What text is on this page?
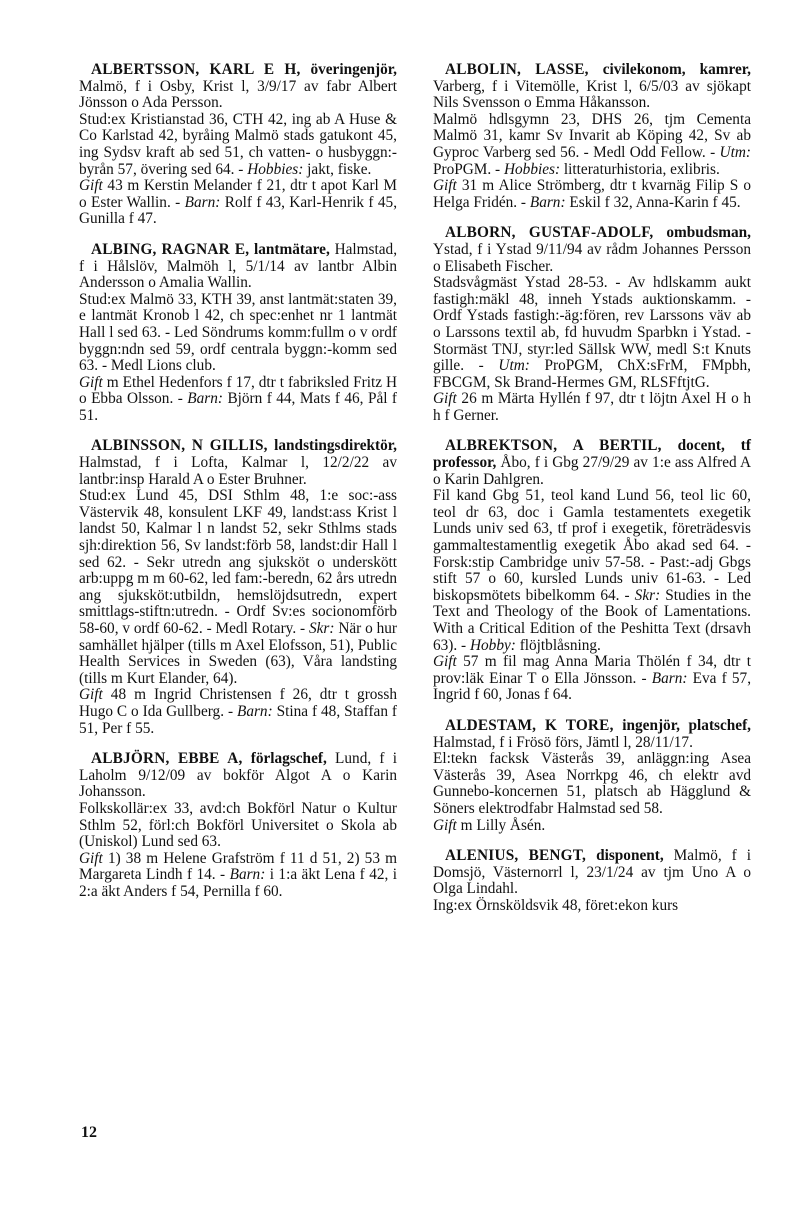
ALBERTSSON, KARL E H, överingenjör, Malmö, f i Osby, Krist l, 3/9/17 av fabr Albert Jönsson o Ada Persson.

Stud:ex Kristianstad 36, CTH 42, ing ab A Huse & Co Karlstad 42, byråing Malmö stads gatukont 45, ing Sydsv kraft ab sed 51, ch vatten- o husbyggn:-byrån 57, övering sed 64. - Hobbies: jakt, fiske.

Gift 43 m Kerstin Melander f 21, dtr t apot Karl M o Ester Wallin. - Barn: Rolf f 43, Karl-Henrik f 45, Gunilla f 47.

ALBING, RAGNAR E, lantmätare, Halmstad, f i Hålslöv, Malmöh l, 5/1/14 av lantbr Albin Andersson o Amalia Wallin.

Stud:ex Malmö 33, KTH 39, anst lantmät:staten 39, e lantmät Kronob l 42, ch spec:enhet nr 1 lantmät Hall l sed 63. - Led Söndrums komm:fullm o v ordf byggn:ndn sed 59, ordf centrala byggn:-komm sed 63. - Medl Lions club.

Gift m Ethel Hedenfors f 17, dtr t fabriksled Fritz H o Ebba Olsson. - Barn: Björn f 44, Mats f 46, Pål f 51.

ALBINSSON, N GILLIS, landstingsdirektör, Halmstad, f i Lofta, Kalmar l, 12/2/22 av lantbr:insp Harald A o Ester Bruhner.

Stud:ex Lund 45, DSI Sthlm 48, 1:e soc:-ass Västervik 48, konsulent LKF 49, landst:ass Krist l landst 50, Kalmar l n landst 52, sekr Sthlms stads sjh:direktion 56, Sv landst:förb 58, landst:dir Hall l sed 62. - Sekr utredn ang sjuksköt o underskött arb:uppg m m 60-62, led fam:-beredn, 62 års utredn ang sjuksköt:utbildn, hemslöjdsutredn, expert smittlags-stiftn:utredn. - Ordf Sv:es socionomförb 58-60, v ordf 60-62. - Medl Rotary. - Skr: När o hur samhället hjälper (tills m Axel Elofsson, 51), Public Health Services in Sweden (63), Våra landsting (tills m Kurt Elander, 64).

Gift 48 m Ingrid Christensen f 26, dtr t grossh Hugo C o Ida Gullberg. - Barn: Stina f 48, Staffan f 51, Per f 55.

ALBJÖRN, EBBE A, förlagschef, Lund, f i Laholm 9/12/09 av bokför Algot A o Karin Johansson.

Folkskollär:ex 33, avd:ch Bokförl Natur o Kultur Sthlm 52, förl:ch Bokförl Universitet o Skola ab (Uniskol) Lund sed 63.

Gift 1) 38 m Helene Grafström f 11 d 51, 2) 53 m Margareta Lindh f 14. - Barn: i 1:a äkt Lena f 42, i 2:a äkt Anders f 54, Pernilla f 60.

ALBOLIN, LASSE, civilekonom, kamrer, Varberg, f i Vitemölle, Krist l, 6/5/03 av sjökapt Nils Svensson o Emma Håkansson.

Malmö hdlsgymn 23, DHS 26, tjm Cementa Malmö 31, kamr Sv Invarit ab Köping 42, Sv ab Gyproc Varberg sed 56. - Medl Odd Fellow. - Utm: ProPGM. - Hobbies: litteraturhistoria, exlibris.

Gift 31 m Alice Strömberg, dtr t kvarnäg Filip S o Helga Fridén. - Barn: Eskil f 32, Anna-Karin f 45.

ALBORN, GUSTAF-ADOLF, ombudsman, Ystad, f i Ystad 9/11/94 av rådm Johannes Persson o Elisabeth Fischer.

Stadsvågmäst Ystad 28-53. - Av hdlskamm aukt fastigh:mäkl 48, inneh Ystads auktionskamm. - Ordf Ystads fastigh:-äg:fören, rev Larssons väv ab o Larssons textil ab, fd huvudm Sparbkn i Ystad. - Stormäst TNJ, styr:led Sällsk WW, medl S:t Knuts gille. - Utm: ProPGM, ChX:sFrM, FMpbh, FBCGM, Sk Brand-Hermes GM, RLSFftjtG.

Gift 26 m Märta Hyllén f 97, dtr t löjtn Axel H o h h f Gerner.

ALBREKTSON, A BERTIL, docent, tf professor, Åbo, f i Gbg 27/9/29 av 1:e ass Alfred A o Karin Dahlgren.

Fil kand Gbg 51, teol kand Lund 56, teol lic 60, teol dr 63, doc i Gamla testamentets exegetik Lunds univ sed 63, tf prof i exegetik, företrädesvis gammaltestamentlig exegetik Åbo akad sed 64. - Forsk:stip Cambridge univ 57-58. - Past:-adj Gbgs stift 57 o 60, kursled Lunds univ 61-63. - Led biskopsmötets bibelkomm 64. - Skr: Studies in the Text and Theology of the Book of Lamentations. With a Critical Edition of the Peshitta Text (drsavh 63). - Hobby: flöjtblåsning.

Gift 57 m fil mag Anna Maria Thölén f 34, dtr t prov:läk Einar T o Ella Jönsson. - Barn: Eva f 57, Ingrid f 60, Jonas f 64.

ALDESTAM, K TORE, ingenjör, platschef, Halmstad, f i Frösö förs, Jämtl l, 28/11/17.

El:tekn facksk Västerås 39, anläggn:ing Asea Västerås 39, Asea Norrkpg 46, ch elektr avd Gunnebo-koncernen 51, platsch ab Hägglund & Söners elektrodfabr Halmstad sed 58.

Gift m Lilly Åsén.

ALENIUS, BENGT, disponent, Malmö, f i Domsjö, Västernorrl l, 23/1/24 av tjm Uno A o Olga Lindahl.

Ing:ex Örnsköldsvik 48, föret:ekon kurs

12
